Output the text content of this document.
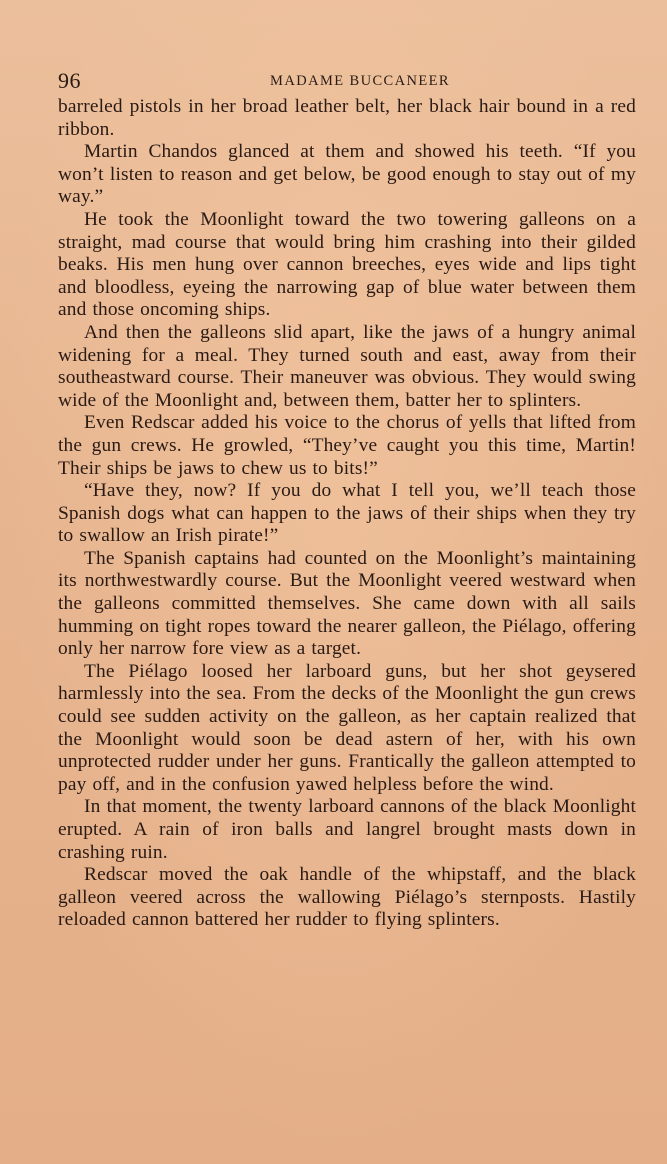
96	MADAME BUCCANEER

barreled pistols in her broad leather belt, her black hair bound in a red ribbon.

Martin Chandos glanced at them and showed his teeth. “If you won’t listen to reason and get below, be good enough to stay out of my way.”

He took the Moonlight toward the two towering galleons on a straight, mad course that would bring him crashing into their gilded beaks. His men hung over cannon breeches, eyes wide and lips tight and bloodless, eyeing the narrowing gap of blue water between them and those oncoming ships.

And then the galleons slid apart, like the jaws of a hungry animal widening for a meal. They turned south and east, away from their southeastward course. Their maneuver was obvious. They would swing wide of the Moonlight and, between them, batter her to splinters.

Even Redscar added his voice to the chorus of yells that lifted from the gun crews. He growled, “They’ve caught you this time, Martin! Their ships be jaws to chew us to bits!”

“Have they, now? If you do what I tell you, we’ll teach those Spanish dogs what can happen to the jaws of their ships when they try to swallow an Irish pirate!”

The Spanish captains had counted on the Moonlight’s maintaining its northwestwardly course. But the Moonlight veered westward when the galleons committed themselves. She came down with all sails humming on tight ropes toward the nearer galleon, the Piélago, offering only her narrow fore view as a target.

The Piélago loosed her larboard guns, but her shot geysered harmlessly into the sea. From the decks of the Moonlight the gun crews could see sudden activity on the galleon, as her captain realized that the Moonlight would soon be dead astern of her, with his own unprotected rudder under her guns. Frantically the galleon attempted to pay off, and in the confusion yawed helpless before the wind.

In that moment, the twenty larboard cannons of the black Moonlight erupted. A rain of iron balls and langrel brought masts down in crashing ruin.

Redscar moved the oak handle of the whipstaff, and the black galleon veered across the wallowing Piélago’s sternposts. Hastily reloaded cannon battered her rudder to flying splinters.
